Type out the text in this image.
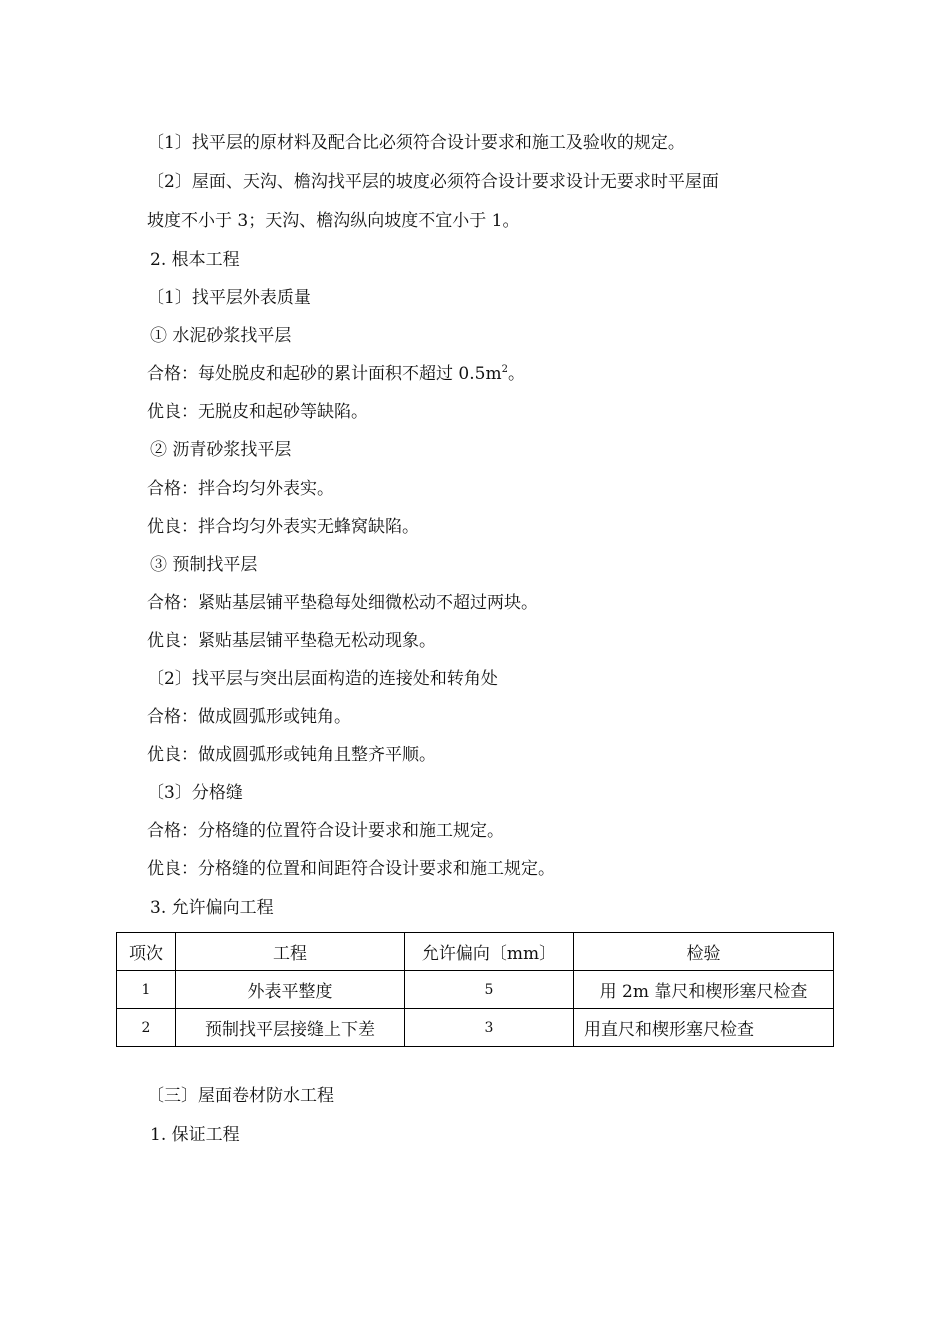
〔1〕找平层的原材料及配合比必须符合设计要求和施工及验收的规定。
〔2〕屋面、天沟、檐沟找平层的坡度必须符合设计要求设计无要求时平屋面
坡度不小于 3；天沟、檐沟纵向坡度不宜小于 1。
2. 根本工程
〔1〕找平层外表质量
① 水泥砂浆找平层
合格：每处脱皮和起砂的累计面积不超过 $0.5m^2$。
优良：无脱皮和起砂等缺陷。
② 沥青砂浆找平层
合格：拌合均匀外表实。
优良：拌合均匀外表实无蜂窝缺陷。
③ 预制找平层
合格：紧贴基层铺平垫稳每处细微松动不超过两块。
优良：紧贴基层铺平垫稳无松动现象。
〔2〕找平层与突出层面构造的连接处和转角处
合格：做成圆弧形或钝角。
优良：做成圆弧形或钝角且整齐平顺。
〔3〕分格缝
合格：分格缝的位置符合设计要求和施工规定。
优良：分格缝的位置和间距符合设计要求和施工规定。
3. 允许偏向工程
项次	工程	允许偏向〔mm〕	检验
1	外表平整度	5	用 2m 靠尺和楔形塞尺检查
2	预制找平层接缝上下差	3	用直尺和楔形塞尺检查
〔三〕屋面卷材防水工程
1. 保证工程
